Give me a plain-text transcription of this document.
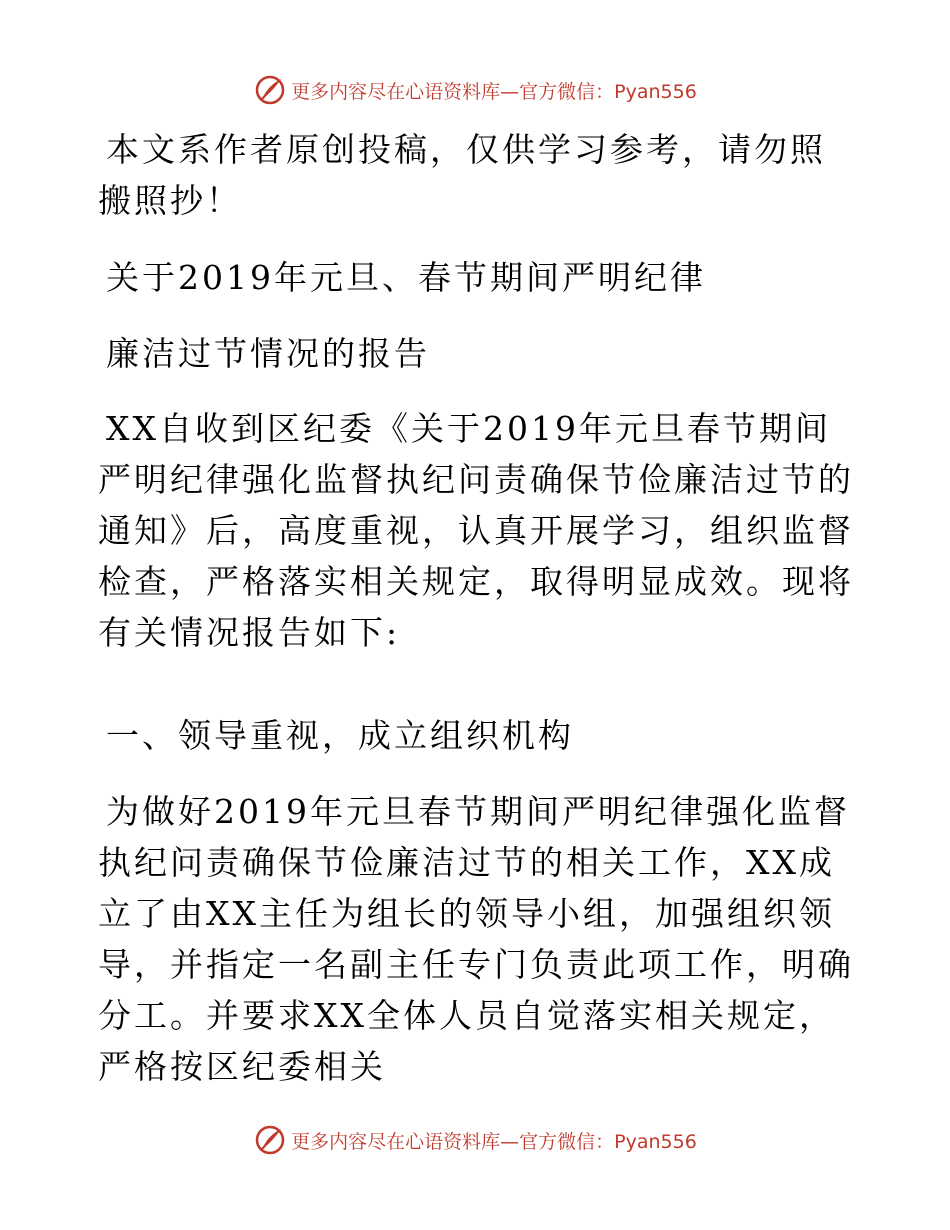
更多内容尽在心语资料库—官方微信：Pyan556

本文系作者原创投稿，仅供学习参考，请勿照搬照抄！

关于2019年元旦、春节期间严明纪律

廉洁过节情况的报告

XX自收到区纪委《关于2019年元旦春节期间严明纪律强化监督执纪问责确保节俭廉洁过节的通知》后，高度重视，认真开展学习，组织监督检查，严格落实相关规定，取得明显成效。现将有关情况报告如下:

一、领导重视，成立组织机构

为做好2019年元旦春节期间严明纪律强化监督执纪问责确保节俭廉洁过节的相关工作，XX成立了由XX主任为组长的领导小组，加强组织领导，并指定一名副主任专门负责此项工作，明确分工。并要求XX全体人员自觉落实相关规定，严格按区纪委相关

更多内容尽在心语资料库—官方微信：Pyan556
